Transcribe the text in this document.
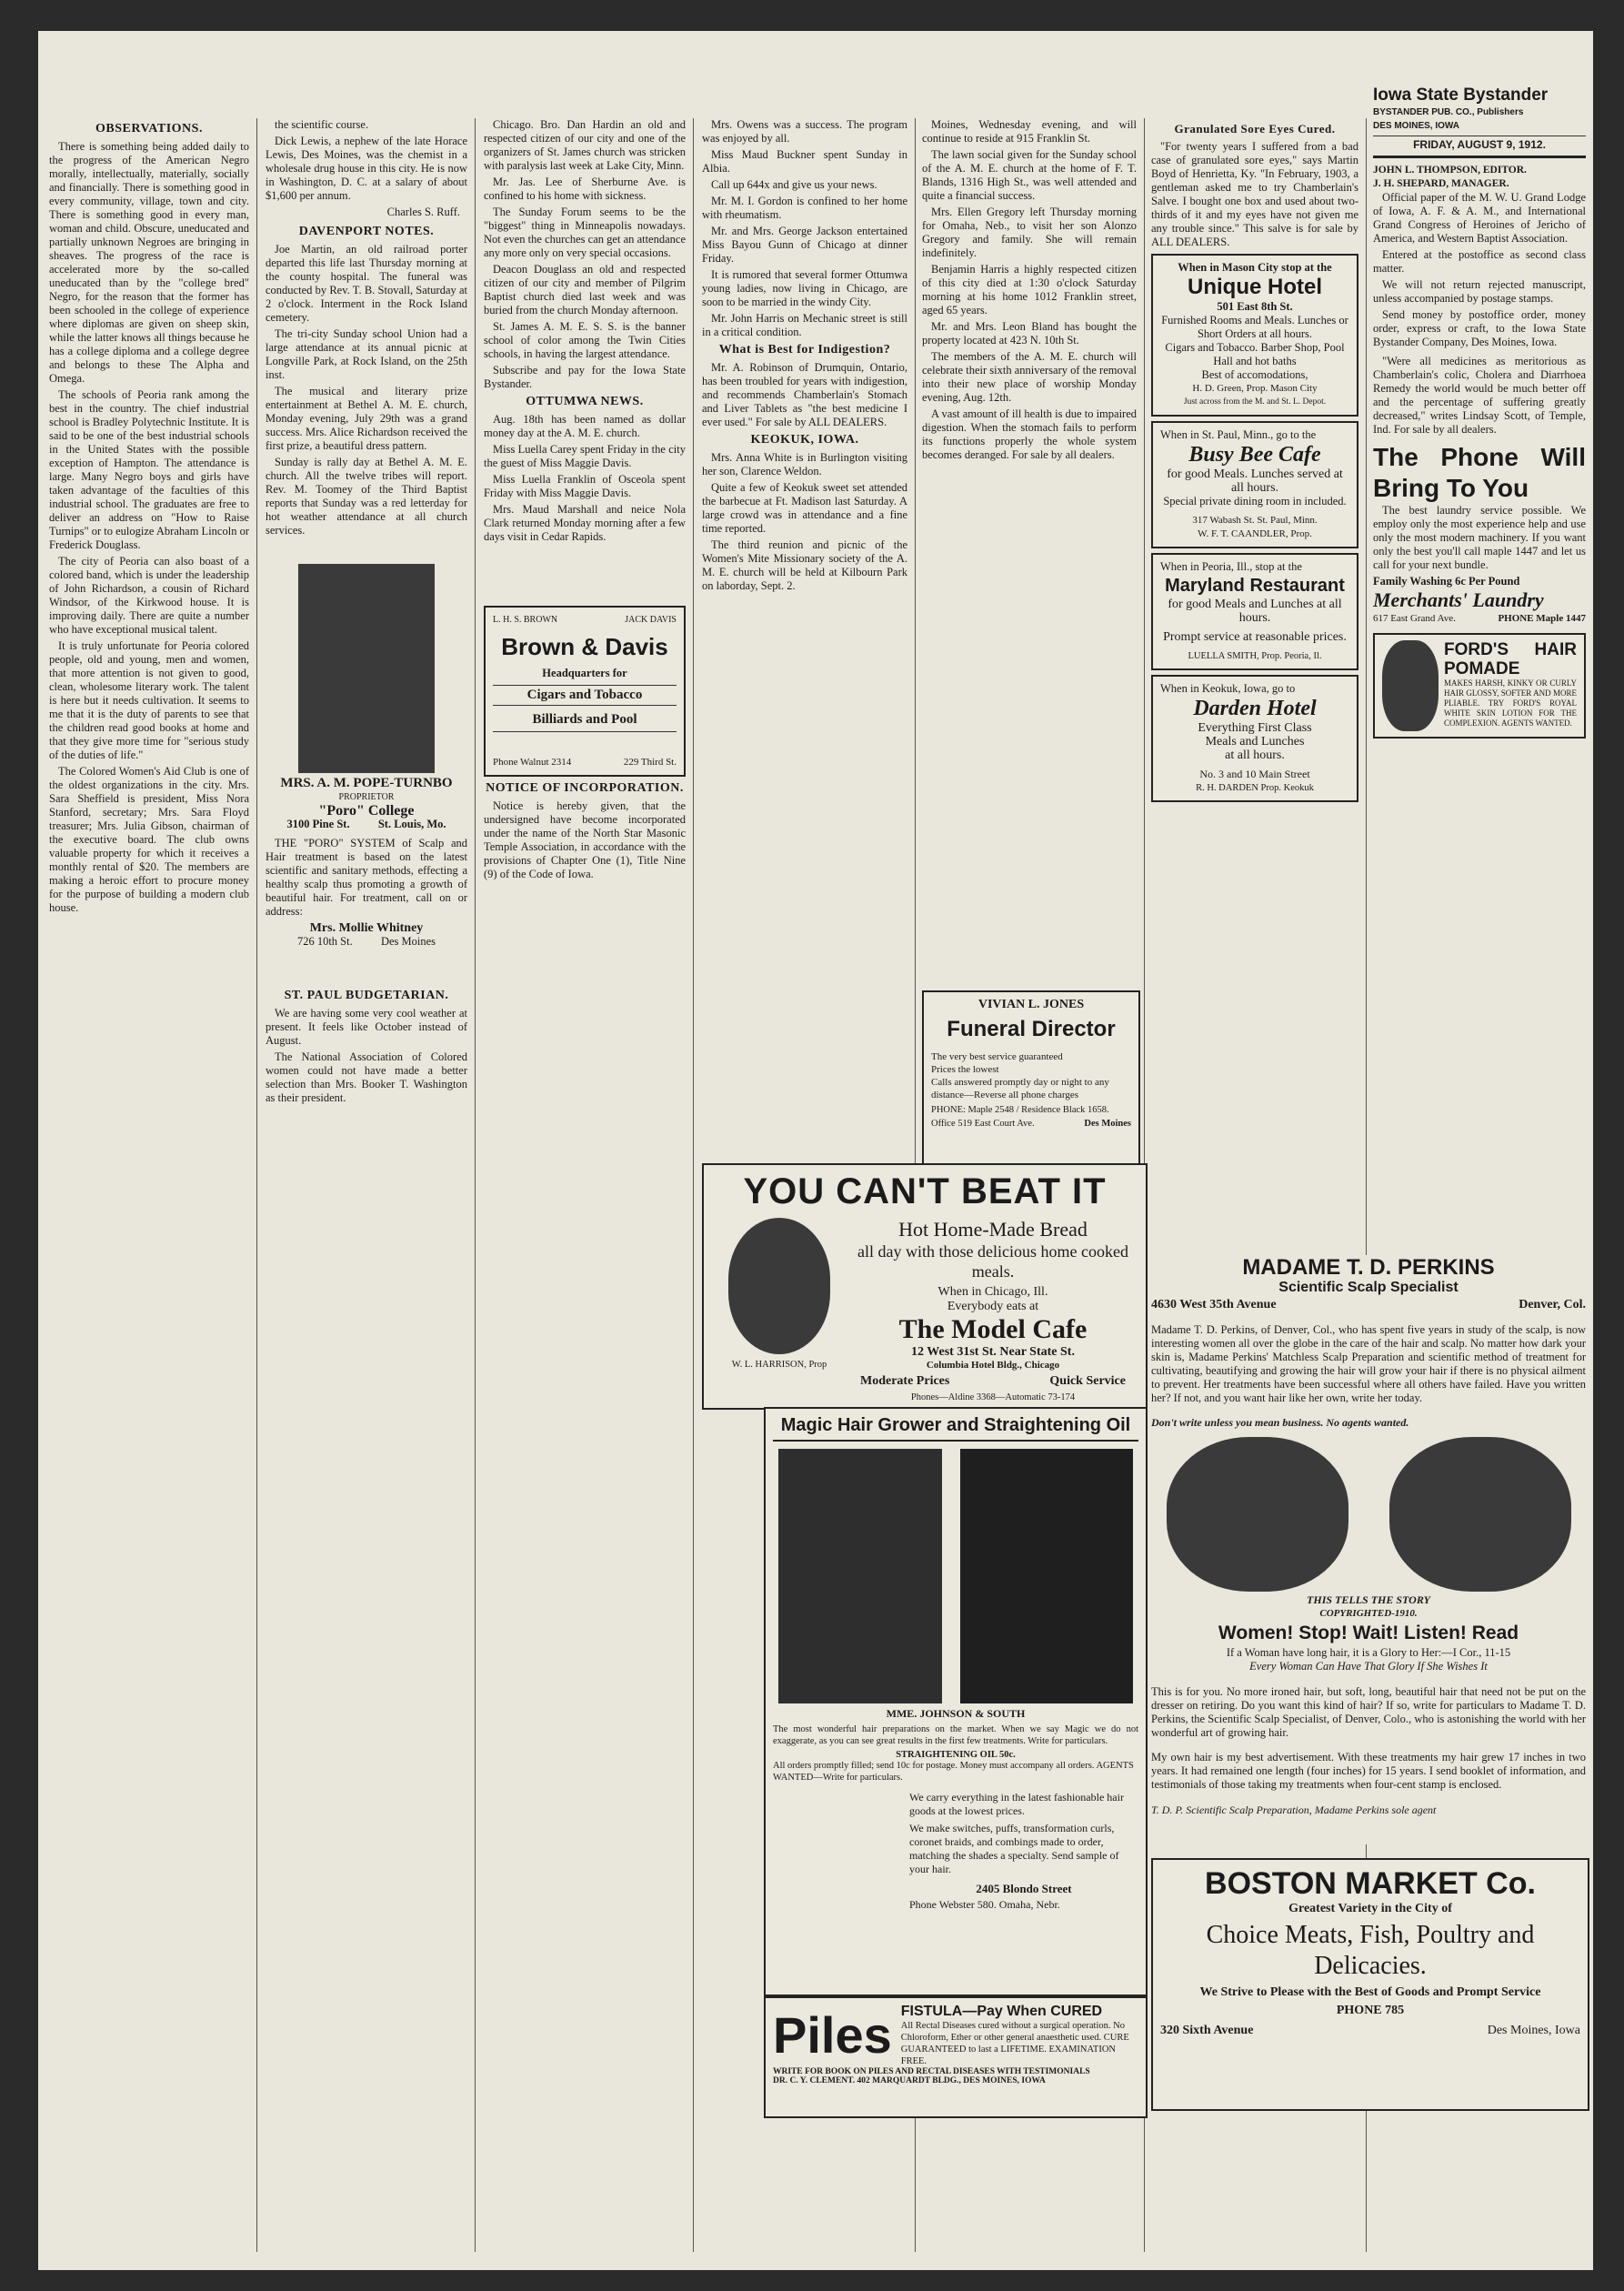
OBSERVATIONS.

There is something being added daily to the progress of the American Negro morally, intellectually, materially, socially and financially. There is something good in every community, village, town and city. There is something good in every man, woman and child. Obscure, uneducated and partially unknown Negroes are bringing in sheaves. The progress of the race is accelerated more by the so-called uneducated than by the "college bred" Negro, for the reason that the former has been schooled in the college of experience where diplomas are given on sheep skin, while the latter knows all things because he has a college diploma and a college degree and belongs to these The Alpha and Omega.

The schools of Peoria rank among the best in the country. The chief industrial school is Bradley Polytechnic Institute. It is said to be one of the best industrial schools in the United States with the possible exception of Hampton. The attendance is large. Many Negro boys and girls have taken advantage of the faculties of this industrial school. The graduates are free to deliver an address on "How to Raise Turnips" or to eulogize Abraham Lincoln or Frederick Douglass.

The city of Peoria can also boast of a colored band, which is under the leadership of John Richardson, a cousin of Richard Windsor, of the Kirkwood house. It is improving daily. There are quite a number who have exceptional musical talent.

It is truly unfortunate for Peoria colored people, old and young, men and women, that more attention is not given to good, clean, wholesome literary work. The talent is here but it needs cultivation. It seems to me that it is the duty of parents to see that the children read good books at home and that they give more time for "serious study of the duties of life."

The Colored Women's Aid Club is one of the oldest organizations in the city. Mrs. Sara Sheffield is president, Miss Nora Stanford, secretary; Mrs. Sara Floyd treasurer; Mrs. Julia Gibson, chairman of the executive board. The club owns valuable property for which it receives a monthly rental of $20. The members are making a heroic effort to procure money for the purpose of building a modern club house.

the scientific course.

Dick Lewis, a nephew of the late Horace Lewis, Des Moines, was the chemist in a wholesale drug house in this city. He is now in Washington, D. C. at a salary of about $1,600 per annum.

Charles S. Ruff.
DAVENPORT NOTES.

Joe Martin, an old railroad porter departed this life last Thursday morning at the county hospital. The funeral was conducted by Rev. T. B. Stovall, Saturday at 2 o'clock. Interment in the Rock Island cemetery.

The tri-city Sunday school Union had a large attendance at its annual picnic at Longville Park, at Rock Island, on the 25th inst.

The musical and literary prize entertainment at Bethel A. M. E. church, Monday evening, July 29th was a grand success. Mrs. Alice Richardson received the first prize, a beautiful dress pattern.

Sunday is rally day at Bethel A. M. E. church. All the twelve tribes will report. Rev. M. Toomey of the Third Baptist reports that Sunday was a red letterday for hot weather attendance at all church services.

MRS. A. M. POPE-TURNBO
PROPRIETOR
"Poro" College
3100 Pine St.          St. Louis, Mo.

THE "PORO" SYSTEM of Scalp and Hair treatment is based on the latest scientific and sanitary methods, effecting a healthy scalp thus promoting a growth of beautiful hair. For treatment, call on or address:

Mrs. Mollie Whitney
726 10th St.          Des Moines
ST. PAUL BUDGETARIAN.

We are having some very cool weather at present. It feels like October instead of August.

The National Association of Colored women could not have made a better selection than Mrs. Booker T. Washington as their president.

Chicago. Bro. Dan Hardin an old and respected citizen of our city and one of the organizers of St. James church was stricken with paralysis last week at Lake City, Minn.

Mr. Jas. Lee of Sherburne Ave. is confined to his home with sickness.

The Sunday Forum seems to be the "biggest" thing in Minneapolis nowadays. Not even the churches can get an attendance any more only on very special occasions.

Deacon Douglass an old and respected citizen of our city and member of Pilgrim Baptist church died last week and was buried from the church Monday afternoon.

St. James A. M. E. S. S. is the banner school of color among the Twin Cities schools, in having the largest attendance.

Subscribe and pay for the Iowa State Bystander.

OTTUMWA NEWS.

Aug. 18th has been named as dollar money day at the A. M. E. church.

Miss Luella Carey spent Friday in the city the guest of Miss Maggie Davis.

Miss Luella Franklin of Osceola spent Friday with Miss Maggie Davis.

Mrs. Maud Marshall and neice Nola Clark returned Monday morning after a few days visit in Cedar Rapids.

L. H. S. BROWN	JACK DAVIS
Brown & Davis
Headquarters for
Cigars and Tobacco
Billiards and Pool
Phone Walnut 2314	229 Third St.
NOTICE OF INCORPORATION.

Notice is hereby given, that the undersigned have become incorporated under the name of the North Star Masonic Temple Association, in accordance with the provisions of Chapter One (1), Title Nine (9) of the Code of Iowa.

Mrs. Owens was a success. The program was enjoyed by all.

Miss Maud Buckner spent Sunday in Albia.

Call up 644x and give us your news.

Mr. M. I. Gordon is confined to her home with rheumatism.

Mr. and Mrs. George Jackson entertained Miss Bayou Gunn of Chicago at dinner Friday.

It is rumored that several former Ottumwa young ladies, now living in Chicago, are soon to be married in the windy City.

Mr. John Harris on Mechanic street is still in a critical condition.

What is Best for Indigestion?

Mr. A. Robinson of Drumquin, Ontario, has been troubled for years with indigestion, and recommends Chamberlain's Stomach and Liver Tablets as "the best medicine I ever used." For sale by ALL DEALERS.

KEOKUK, IOWA.

Mrs. Anna White is in Burlington visiting her son, Clarence Weldon.

Quite a few of Keokuk sweet set attended the barbecue at Ft. Madison last Saturday. A large crowd was in attendance and a fine time reported.

The third reunion and picnic of the Women's Mite Missionary society of the A. M. E. church will be held at Kilbourn Park on laborday, Sept. 2.

Moines, Wednesday evening, and will continue to reside at 915 Franklin St.

The lawn social given for the Sunday school of the A. M. E. church at the home of F. T. Blands, 1316 High St., was well attended and quite a financial success.

Mrs. Ellen Gregory left Thursday morning for Omaha, Neb., to visit her son Alonzo Gregory and family. She will remain indefinitely.

Benjamin Harris a highly respected citizen of this city died at 1:30 o'clock Saturday morning at his home 1012 Franklin street, aged 65 years.

Mr. and Mrs. Leon Bland has bought the property located at 423 N. 10th St.

The members of the A. M. E. church will celebrate their sixth anniversary of the removal into their new place of worship Monday evening, Aug. 12th.

A vast amount of ill health is due to impaired digestion. When the stomach fails to perform its functions properly the whole system becomes deranged. For sale by all dealers.

VIVIAN L. JONES
Funeral Director
The very best service guaranteed
Prices the lowest
Calls answered promptly day or night to any distance—Reverse all phone charges
PHONE: Maple 2548 / Residence Black 1658.
Office 519 East Court Ave.	Des Moines
YOU CAN'T BEAT IT
W. L. HARRISON, Prop
Hot Home-Made Bread
all day with those delicious home cooked meals.
When in Chicago, Ill.
Everybody eats at
The Model Cafe
12 West 31st St. Near State St.
Columbia Hotel Bldg., Chicago
Moderate Prices	Quick Service
Phones—Aldine 3368—Automatic 73-174
Magic Hair Grower and Straightening Oil
MME. JOHNSON & SOUTH
The most wonderful hair preparations on the market. When we say Magic we do not exaggerate, as you can see great results in the first few treatments. Write for particulars.
STRAIGHTENING OIL 50c.
All orders promptly filled; send 10c for postage. Money must accompany all orders. AGENTS WANTED—Write for particulars.
We carry everything in the latest fashionable hair goods at the lowest prices.
We make switches, puffs, transformation curls, coronet braids, and combings made to order, matching the shades a specialty. Send sample of your hair.
2405 Blondo Street
Phone Webster 580. Omaha, Nebr.
Piles FISTULA—Pay When CURED
All Rectal Diseases cured without a surgical operation. No Chloroform, Ether or other general anaesthetic used. CURE GUARANTEED to last a LIFETIME. EXAMINATION FREE.
WRITE FOR BOOK ON PILES AND RECTAL DISEASES WITH TESTIMONIALS
DR. C. Y. CLEMENT. 402 MARQUARDT BLDG., DES MOINES, IOWA
Granulated Sore Eyes Cured.

"For twenty years I suffered from a bad case of granulated sore eyes," says Martin Boyd of Henrietta, Ky. "In February, 1903, a gentleman asked me to try Chamberlain's Salve. I bought one box and used about two-thirds of it and my eyes have not given me any trouble since." This salve is for sale by ALL DEALERS.

When in Mason City stop at the
Unique Hotel
501 East 8th St.
Furnished Rooms and Meals. Lunches or Short Orders at all hours.
Cigars and Tobacco. Barber Shop, Pool Hall and hot baths
Best of accomodations,
H. D. Green, Prop. Mason City
Just across from the M. and St. L. Depot.
When in St. Paul, Minn., go to the
Busy Bee Cafe
for good Meals. Lunches served at all hours.
Special private dining room in included.
317 Wabash St. St. Paul, Minn.
W. F. T. CAANDLER, Prop.
When in Peoria, Ill., stop at the
Maryland Restaurant
for good Meals and Lunches at all hours.
Prompt service at reasonable prices.
LUELLA SMITH, Prop. Peoria, Il.
When in Keokuk, Iowa, go to
Darden Hotel
Everything First Class
Meals and Lunches
at all hours.
No. 3 and 10 Main Street
R. H. DARDEN Prop. Keokuk
Iowa State Bystander
BYSTANDER PUB. CO., Publishers
DES MOINES, IOWA
FRIDAY, AUGUST 9, 1912.
JOHN L. THOMPSON, EDITOR.
J. H. SHEPARD, MANAGER.

Official paper of the M. W. U. Grand Lodge of Iowa, A. F. & A. M., and International Grand Congress of Heroines of Jericho of America, and Western Baptist Association.

Entered at the postoffice as second class matter.

We will not return rejected manuscript, unless accompanied by postage stamps.

Send money by postoffice order, money order, express or craft, to the Iowa State Bystander Company, Des Moines, Iowa.

"Were all medicines as meritorious as Chamberlain's colic, Cholera and Diarrhoea Remedy the world would be much better off and the percentage of suffering greatly decreased," writes Lindsay Scott, of Temple, Ind. For sale by all dealers.

The Phone Will Bring To You

The best laundry service possible. We employ only the most experience help and use only the most modern machinery. If you want only the best you'll call maple 1447 and let us call for your next bundle.

Family Washing 6c Per Pound
Merchants' Laundry
617 East Grand Ave.	PHONE Maple 1447
FORD'S HAIR POMADE
MAKES HARSH, KINKY OR CURLY HAIR GLOSSY, SOFTER AND MORE PLIABLE. TRY FORD'S ROYAL WHITE SKIN LOTION FOR THE COMPLEXION. AGENTS WANTED.
MADAME T. D. PERKINS
Scientific Scalp Specialist
4630 West 35th Avenue	Denver, Col.

Madame T. D. Perkins, of Denver, Col., who has spent five years in study of the scalp, is now interesting women all over the globe in the care of the hair and scalp. No matter how dark your skin is, Madame Perkins' Matchless Scalp Preparation and scientific method of treatment for cultivating, beautifying and growing the hair will grow your hair if there is no physical ailment to prevent. Her treatments have been successful where all others have failed. Have you written her? If not, and you want hair like her own, write her today.

Don't write unless you mean business. No agents wanted.
THIS TELLS THE STORY
COPYRIGHTED-1910.
Women! Stop! Wait! Listen! Read
If a Woman have long hair, it is a Glory to Her:—I Cor., 11-15
Every Woman Can Have That Glory If She Wishes It

This is for you. No more ironed hair, but soft, long, beautiful hair that need not be put on the dresser on retiring. Do you want this kind of hair? If so, write for particulars to Madame T. D. Perkins, the Scientific Scalp Specialist, of Denver, Colo., who is astonishing the world with her wonderful art of growing hair.

My own hair is my best advertisement. With these treatments my hair grew 17 inches in two years. It had remained one length (four inches) for 15 years. I send booklet of information, and testimonials of those taking my treatments when four-cent stamp is enclosed.

T. D. P. Scientific Scalp Preparation, Madame Perkins sole agent
BOSTON MARKET Co.
Greatest Variety in the City of
Choice Meats, Fish, Poultry and Delicacies.
We Strive to Please with the Best of Goods and Prompt Service
PHONE 785
320 Sixth Avenue	Des Moines, Iowa
